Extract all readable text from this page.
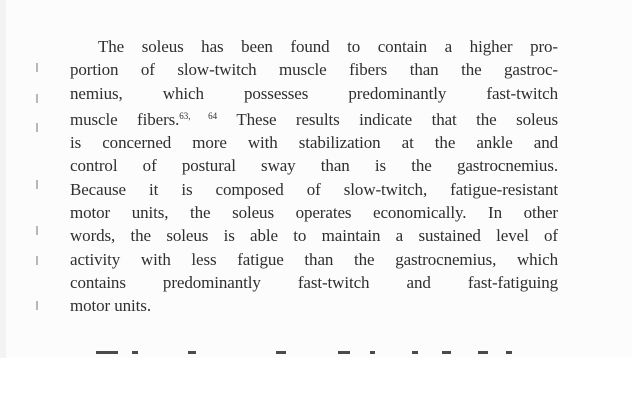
The soleus has been found to contain a higher pro-
portion of slow-twitch muscle fibers than the gastroc-
nemius, which possesses predominantly fast-twitch
muscle fibers.$^{63, 64}$ These results indicate that the soleus
is concerned more with stabilization at the ankle and
control of postural sway than is the gastrocnemius.
Because it is composed of slow-twitch, fatigue-resistant
motor units, the soleus operates economically. In other
words, the soleus is able to maintain a sustained level of
activity with less fatigue than the gastrocnemius, which
contains predominantly fast-twitch and fast-fatiguing
motor units.
